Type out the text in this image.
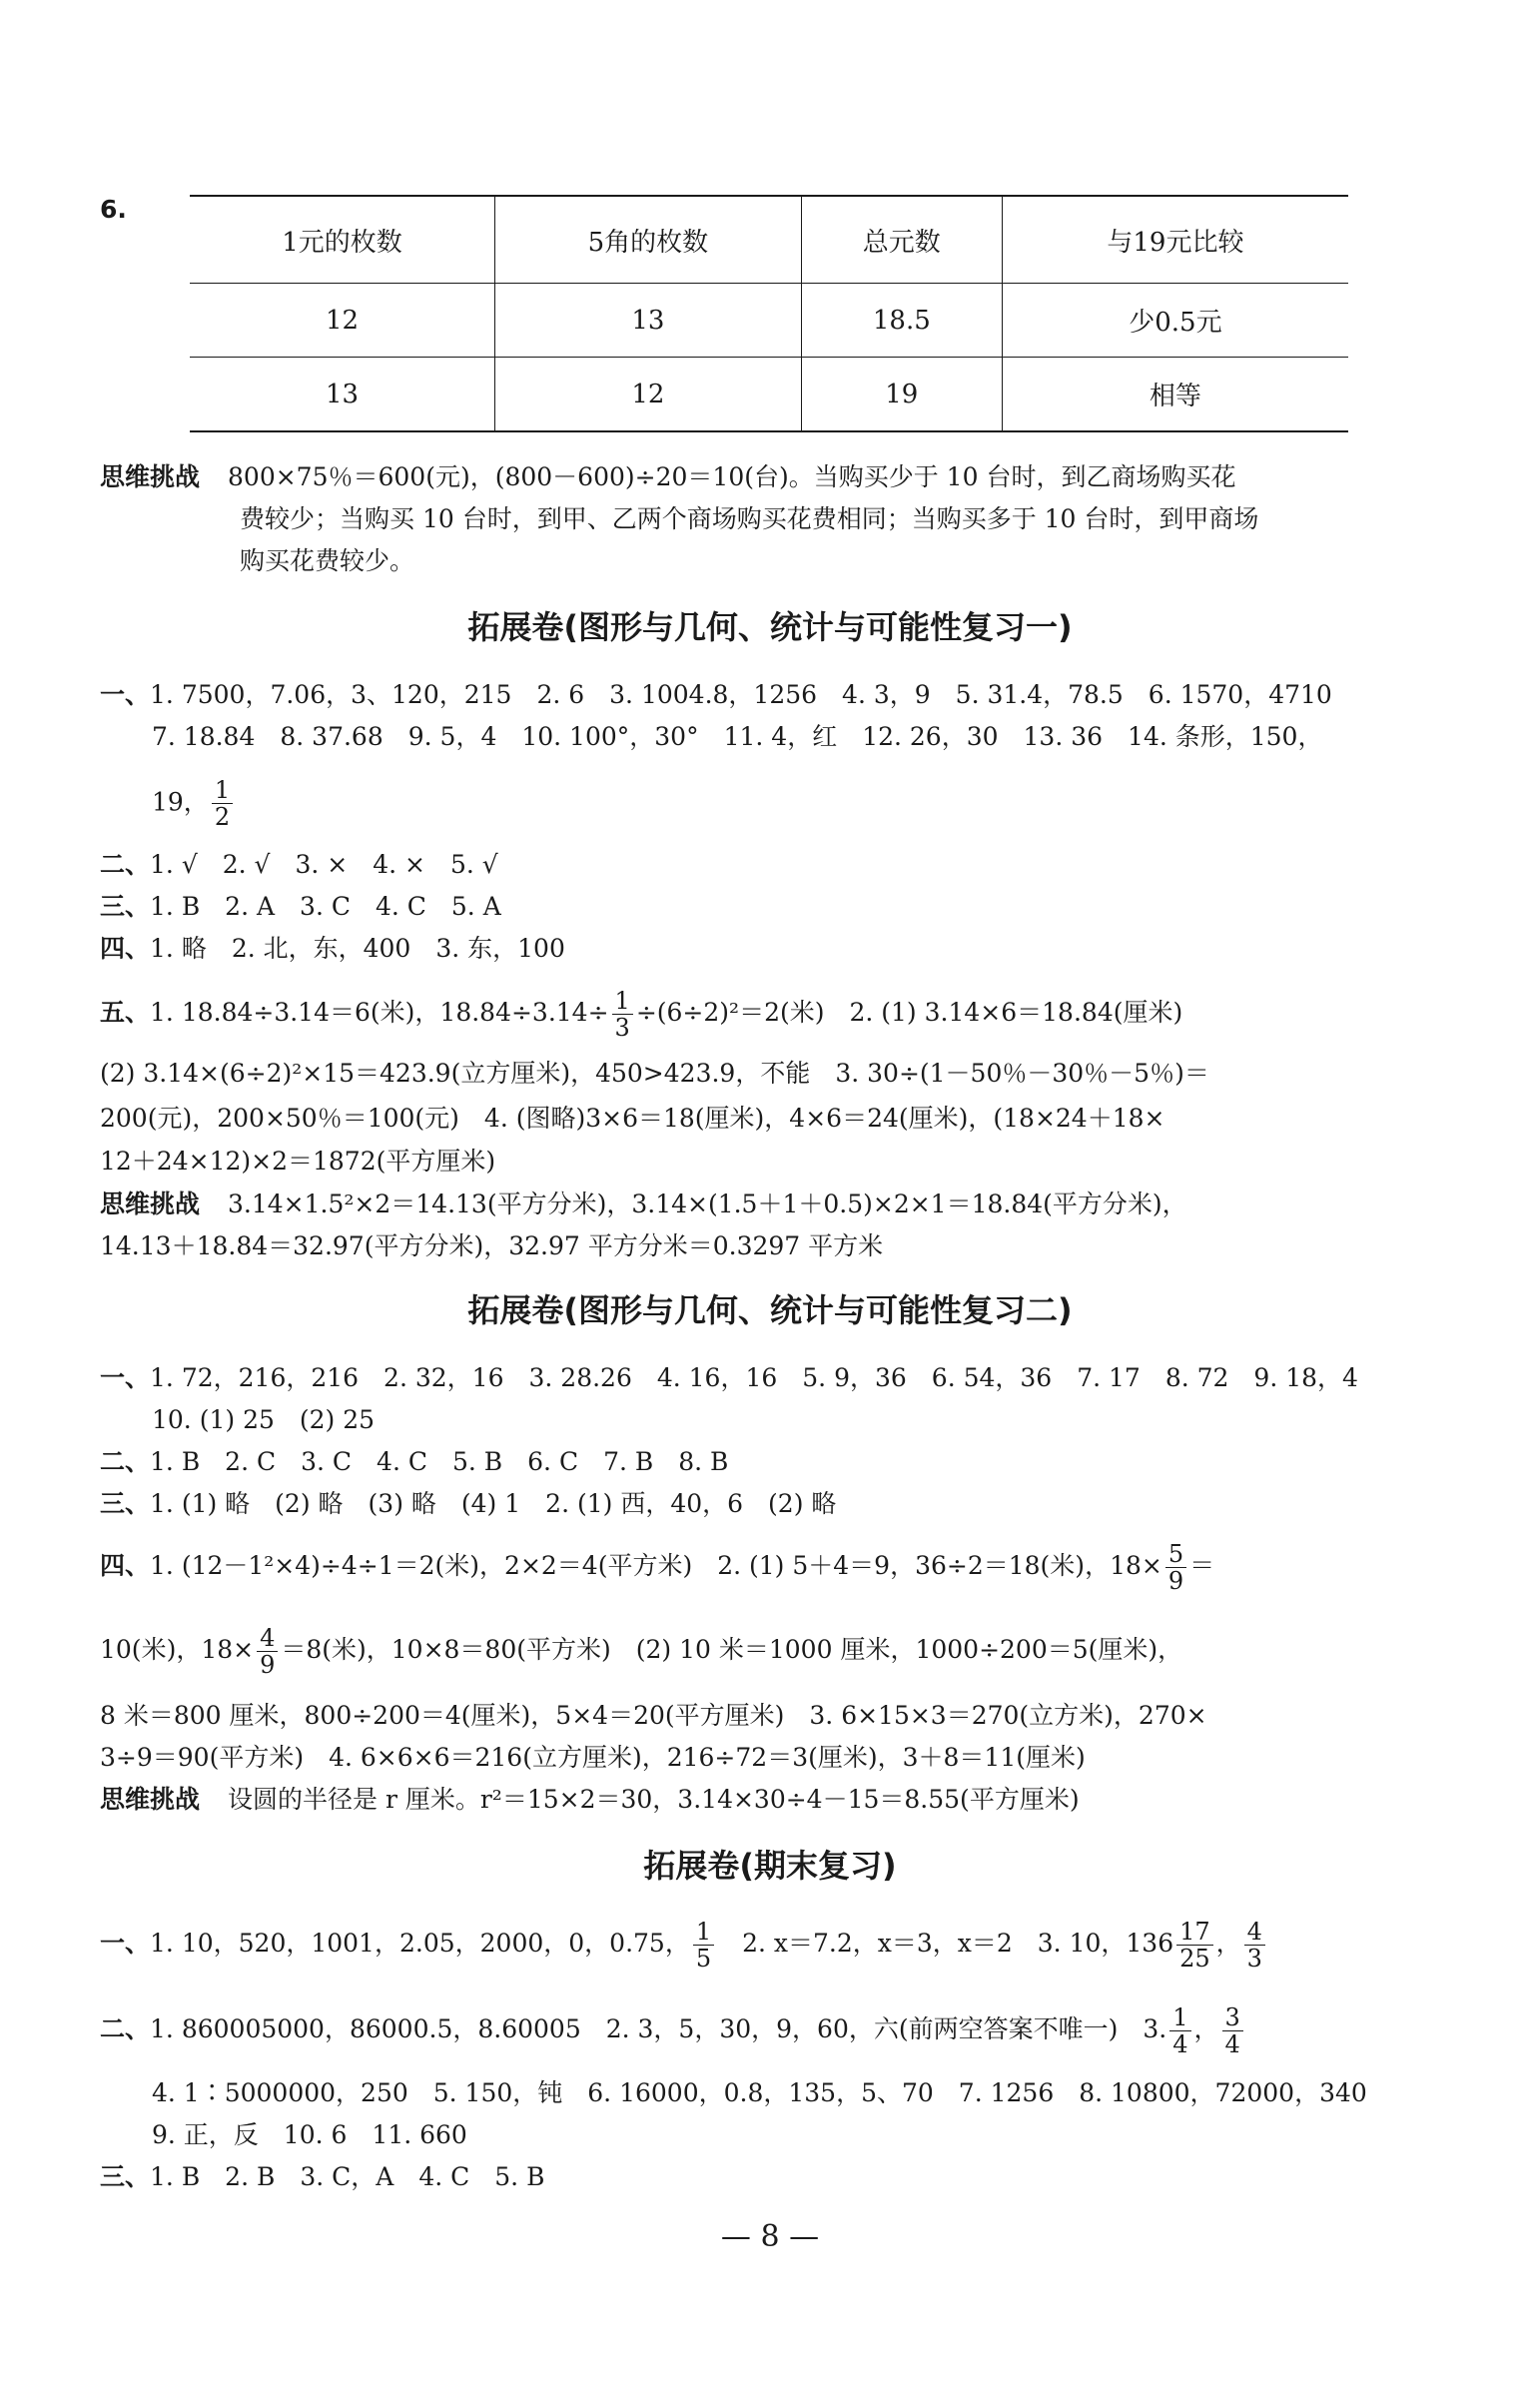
6.
1元的枚数	5角的枚数	总元数	与19元比较
12	13	18.5	少0.5元
13	12	19	相等
思维挑战 800×75％＝600(元)，(800－600)÷20＝10(台)。当购买少于 10 台时，到乙商场购买花
费较少；当购买 10 台时，到甲、乙两个商场购买花费相同；当购买多于 10 台时，到甲商场
购买花费较少。
拓展卷(图形与几何、统计与可能性复习一)
一、1. 7500，7.06，3、120，215　2. 6　3. 1004.8，1256　4. 3，9　5. 31.4，78.5　6. 1570，4710
7. 18.84　8. 37.68　9. 5，4　10. 100°，30°　11. 4，红　12. 26，30　13. 36　14. 条形，150，
19， $\frac{1}{2}$
二、1. √　2. √　3. ×　4. ×　5. √
三、1. B　2. A　3. C　4. C　5. A
四、1. 略　2. 北，东，400　3. 东，100
五、1. 18.84÷3.14＝6(米)，$18.84\div 3.14\div \frac{1}{3} \div(6\div 2)^2=2$(米)　2. (1) 3.14×6＝18.84(厘米)
(2) 3.14×(6÷2)²×15＝423.9(立方厘米)，450>423.9，不能　3. 30÷(1－50％－30％－5％)＝
200(元)，200×50％＝100(元)　4. (图略)3×6＝18(厘米)，4×6＝24(厘米)，(18×24＋18×
12＋24×12)×2＝1872(平方厘米)
思维挑战 3.14×1.5²×2＝14.13(平方分米)，3.14×(1.5＋1＋0.5)×2×1＝18.84(平方分米)，
14.13＋18.84＝32.97(平方分米)，32.97 平方分米＝0.3297 平方米
拓展卷(图形与几何、统计与可能性复习二)
一、1. 72，216，216　2. 32，16　3. 28.26　4. 16，16　5. 9，36　6. 54，36　7. 17　8. 72　9. 18，4
10. (1) 25　(2) 25
二、1. B　2. C　3. C　4. C　5. B　6. C　7. B　8. B
三、1. (1) 略　(2) 略　(3) 略　(4) 1　2. (1) 西，40，6　(2) 略
四、1. (12－1²×4)÷4÷1＝2(米)，2×2＝4(平方米)　2. (1) 5＋4＝9，36÷2＝18(米)，$18\times \frac{5}{9}$ ＝
10(米)，$18\times \frac{4}{9} =8$(米)，10×8＝80(平方米)　(2) 10 米＝1000 厘米，1000÷200＝5(厘米)，
8 米＝800 厘米，800÷200＝4(厘米)，5×4＝20(平方厘米)　3. 6×15×3＝270(立方米)，270×
3÷9＝90(平方米)　4. 6×6×6＝216(立方厘米)，216÷72＝3(厘米)，3＋8＝11(厘米)
思维挑战 设圆的半径是 r 厘米。r²＝15×2＝30，3.14×30÷4－15＝8.55(平方厘米)
拓展卷(期末复习)
一、1. 10，520，1001，2.05，2000，0，0.75， $\frac{1}{5}$ 　2. x＝7.2，x＝3，x＝2　3. 10，$136 \frac{17}{25}$ ， $\frac{4}{3}$
二、1. 860005000，86000.5，8.60005　2. 3，5，30，9，60，六(前两空答案不唯一)　3. $\frac{1}{4}$ ， $\frac{3}{4}$
4. 1∶5000000，250　5. 150，钝　6. 16000，0.8，135，5、70　7. 1256　8. 10800，72000，340
9. 正，反　10. 6　11. 660
三、1. B　2. B　3. C，A　4. C　5. B
— 8 —
